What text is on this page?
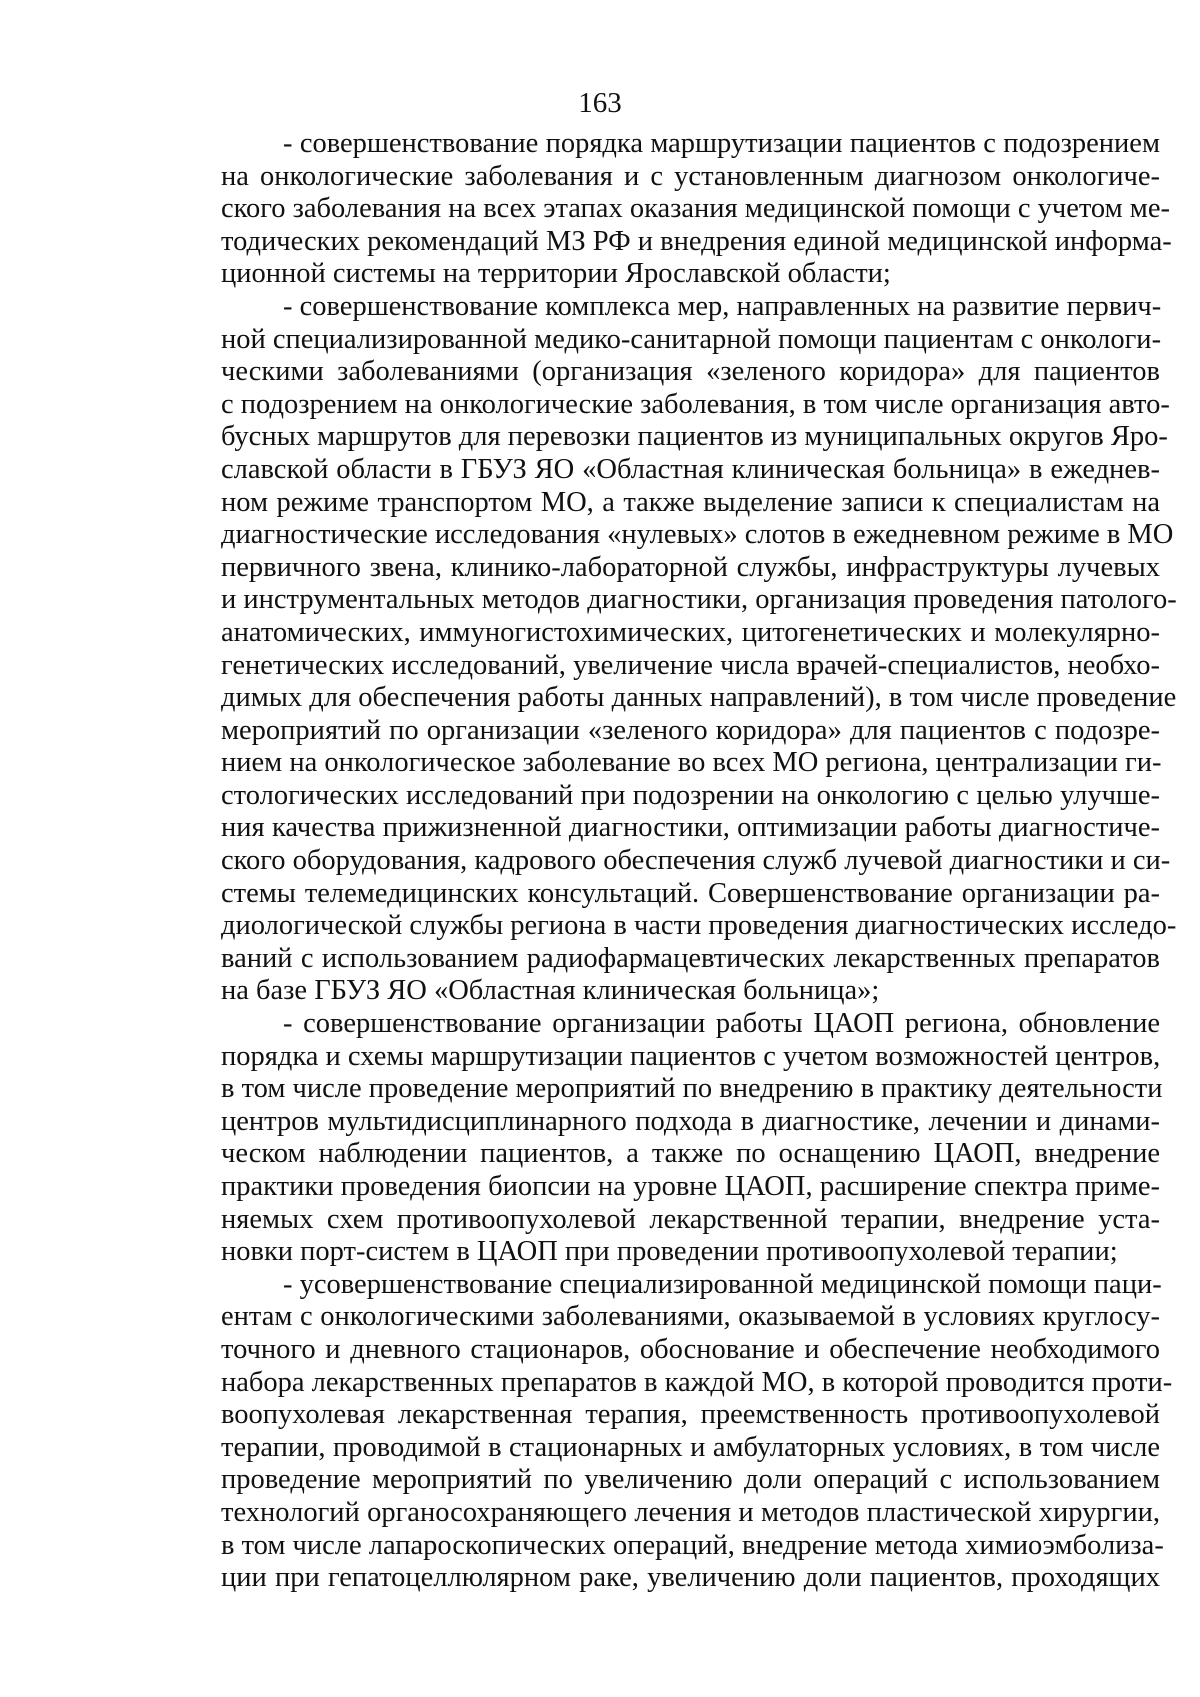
163
- совершенствование порядка маршрутизации пациентов с подозрением
на онкологические заболевания и с установленным диагнозом онкологиче-
ского заболевания на всех этапах оказания медицинской помощи с учетом ме-
тодических рекомендаций МЗ РФ и внедрения единой медицинской информа-
ционной системы на территории Ярославской области;
- совершенствование комплекса мер, направленных на развитие первич-
ной специализированной медико-санитарной помощи пациентам с онкологи-
ческими заболеваниями (организация «зеленого коридора» для пациентов
с подозрением на онкологические заболевания, в том числе организация авто-
бусных маршрутов для перевозки пациентов из муниципальных округов Яро-
славской области в ГБУЗ ЯО «Областная клиническая больница» в ежеднев-
ном режиме транспортом МО, а также выделение записи к специалистам на
диагностические исследования «нулевых» слотов в ежедневном режиме в МО
первичного звена, клинико-лабораторной службы, инфраструктуры лучевых
и инструментальных методов диагностики, организация проведения патолого-
анатомических, иммуногистохимических, цитогенетических и молекулярно-
генетических исследований, увеличение числа врачей-специалистов, необхо-
димых для обеспечения работы данных направлений), в том числе проведение
мероприятий по организации «зеленого коридора» для пациентов с подозре-
нием на онкологическое заболевание во всех МО региона, централизации ги-
стологических исследований при подозрении на онкологию с целью улучше-
ния качества прижизненной диагностики, оптимизации работы диагностиче-
ского оборудования, кадрового обеспечения служб лучевой диагностики и си-
стемы телемедицинских консультаций. Совершенствование организации ра-
диологической службы региона в части проведения диагностических исследо-
ваний с использованием радиофармацевтических лекарственных препаратов
на базе ГБУЗ ЯО «Областная клиническая больница»;
- совершенствование организации работы ЦАОП региона, обновление
порядка и схемы маршрутизации пациентов с учетом возможностей центров,
в том числе проведение мероприятий по внедрению в практику деятельности
центров мультидисциплинарного подхода в диагностике, лечении и динами-
ческом наблюдении пациентов, а также по оснащению ЦАОП, внедрение
практики проведения биопсии на уровне ЦАОП, расширение спектра приме-
няемых схем противоопухолевой лекарственной терапии, внедрение уста-
новки порт-систем в ЦАОП при проведении противоопухолевой терапии;
- усовершенствование специализированной медицинской помощи паци-
ентам с онкологическими заболеваниями, оказываемой в условиях круглосу-
точного и дневного стационаров, обоснование и обеспечение необходимого
набора лекарственных препаратов в каждой МО, в которой проводится проти-
воопухолевая лекарственная терапия, преемственность противоопухолевой
терапии, проводимой в стационарных и амбулаторных условиях, в том числе
проведение мероприятий по увеличению доли операций с использованием
технологий органосохраняющего лечения и методов пластической хирургии,
в том числе лапароскопических операций, внедрение метода химиоэмболиза-
ции при гепатоцеллюлярном раке, увеличению доли пациентов, проходящих
